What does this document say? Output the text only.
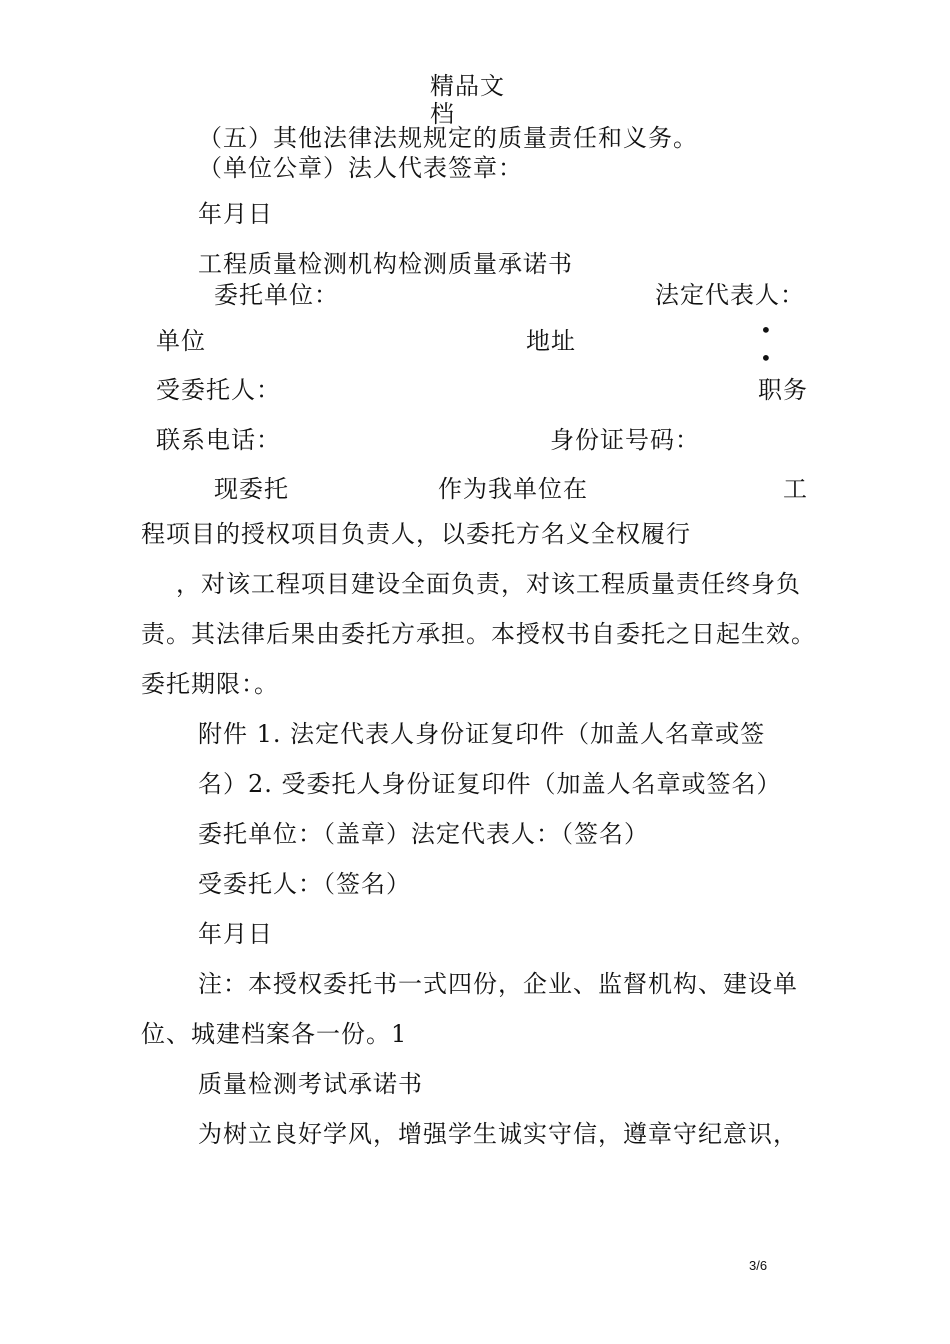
精品文
档
（五）其他法律法规规定的质量责任和义务。
（单位公章）法人代表签章：
年月日
工程质量检测机构检测质量承诺书
委托单位：	法定代表人：
单位	地址	•
•
受委托人：	职务
联系电话：	身份证号码：
现委托	作为我单位在	工
程项目的授权项目负责人，以委托方名义全权履行
，对该工程项目建设全面负责，对该工程质量责任终身负
责。其法律后果由委托方承担。本授权书自委托之日起生效。
委托期限：。
附件 1. 法定代表人身份证复印件（加盖人名章或签
名）2. 受委托人身份证复印件（加盖人名章或签名）
委托单位：（盖章）法定代表人：（签名）
受委托人：（签名）
年月日
注：本授权委托书一式四份，企业、监督机构、建设单
位、城建档案各一份。1
质量检测考试承诺书
为树立良好学风，增强学生诚实守信，遵章守纪意识，
3/6
